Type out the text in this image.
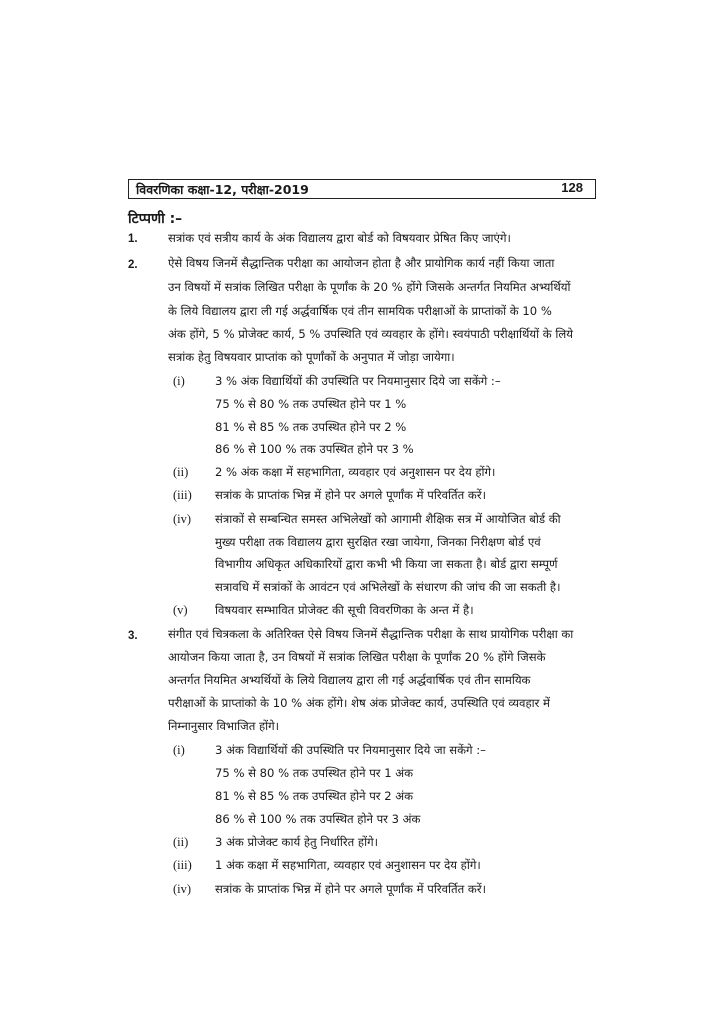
विवरणिका कक्षा-12, परीक्षा-2019	128
टिप्पणी :–
1.	सत्रांक एवं सत्रीय कार्य के अंक विद्यालय द्वारा बोर्ड को विषयवार प्रेषित किए जाएंगे।
2.	ऐसे विषय जिनमें सैद्धान्तिक परीक्षा का आयोजन होता है और प्रायोगिक कार्य नहीं किया जाता
उन विषयों में सत्रांक लिखित परीक्षा के पूर्णांक के 20 % होंगे जिसके अन्तर्गत नियमित अभ्यर्थियों
के लिये विद्यालय द्वारा ली गई अर्द्धवार्षिक एवं तीन सामयिक परीक्षाओं के प्राप्तांकों के 10 %
अंक होंगे, 5 % प्रोजेक्ट कार्य, 5 % उपस्थिति एवं व्यवहार के होंगे। स्वयंपाठी परीक्षार्थियों के लिये
सत्रांक हेतु विषयवार प्राप्तांक को पूर्णांकों के अनुपात में जोड़ा जायेगा।
(i)	3 % अंक विद्यार्थियों की उपस्थिति पर नियमानुसार दिये जा सकेंगे :–
75 % से 80 % तक उपस्थित होने पर 1 %
81 % से 85 % तक उपस्थित होने पर 2 %
86 % से 100 % तक उपस्थित होने पर 3 %
(ii) 2 % अंक कक्षा में सहभागिता, व्यवहार एवं अनुशासन पर देय होंगे।
(iii) सत्रांक के प्राप्तांक भिन्न में होने पर अगले पूर्णांक में परिवर्तित करें।
(iv) संत्राकों से सम्बन्धित समस्त अभिलेखों को आगामी शैक्षिक सत्र में आयोजित बोर्ड की
मुख्य परीक्षा तक विद्यालय द्वारा सुरक्षित रखा जायेगा, जिनका निरीक्षण बोर्ड एवं
विभागीय अधिकृत अधिकारियों द्वारा कभी भी किया जा सकता है। बोर्ड द्वारा सम्पूर्ण
सत्रावधि में सत्रांकों के आवंटन एवं अभिलेखों के संधारण की जांच की जा सकती है।
(v) विषयवार सम्भावित प्रोजेक्ट की सूची विवरणिका के अन्त में है।
3.	संगीत एवं चित्रकला के अतिरिक्त ऐसे विषय जिनमें सैद्धान्तिक परीक्षा के साथ प्रायोगिक परीक्षा का
आयोजन किया जाता है, उन विषयों में सत्रांक लिखित परीक्षा के पूर्णांक 20 % होंगे जिसके
अन्तर्गत नियमित अभ्यर्थियों के लिये विद्यालय द्वारा ली गई अर्द्धवार्षिक एवं तीन सामयिक
परीक्षाओं के प्राप्तांको के 10 % अंक होंगे। शेष अंक प्रोजेक्ट कार्य, उपस्थिति एवं व्यवहार में
निम्नानुसार विभाजित होंगे।
(i)	3 अंक विद्यार्थियों की उपस्थिति पर नियमानुसार दिये जा सकेंगे :–
75 % से 80 % तक उपस्थित होने पर 1 अंक
81 % से 85 % तक उपस्थित होने पर 2 अंक
86 % से 100 % तक उपस्थित होने पर 3 अंक
(ii) 3 अंक प्रोजेक्ट कार्य हेतु निर्धारित होंगे।
(iii) 1 अंक कक्षा में सहभागिता, व्यवहार एवं अनुशासन पर देय होंगे।
(iv) सत्रांक के प्राप्तांक भिन्न में होने पर अगले पूर्णांक में परिवर्तित करें।
